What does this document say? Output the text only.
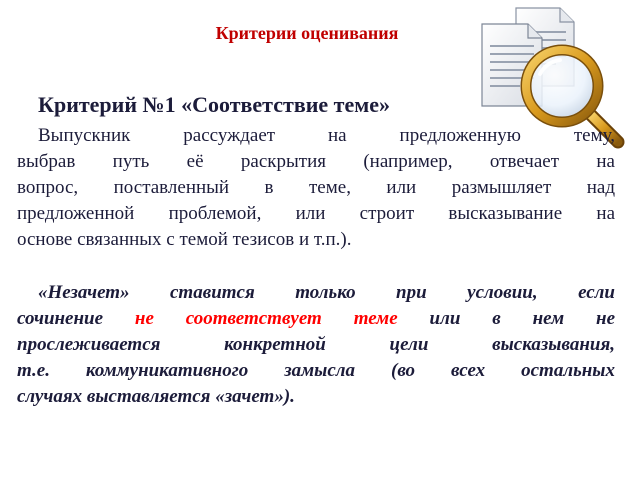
Критерии оценивания
Критерий №1 «Соответствие теме»
Выпускник рассуждает на предложенную тему,
выбрав путь её раскрытия (например, отвечает на
вопрос, поставленный в теме, или размышляет над
предложенной проблемой, или строит высказывание на
основе связанных с темой тезисов и т.п.).
«Незачет» ставится только при условии, если
сочинение не соответствует теме или в нем не
прослеживается конкретной цели высказывания,
т.е. коммуникативного замысла (во всех остальных
случаях выставляется «зачет»).
